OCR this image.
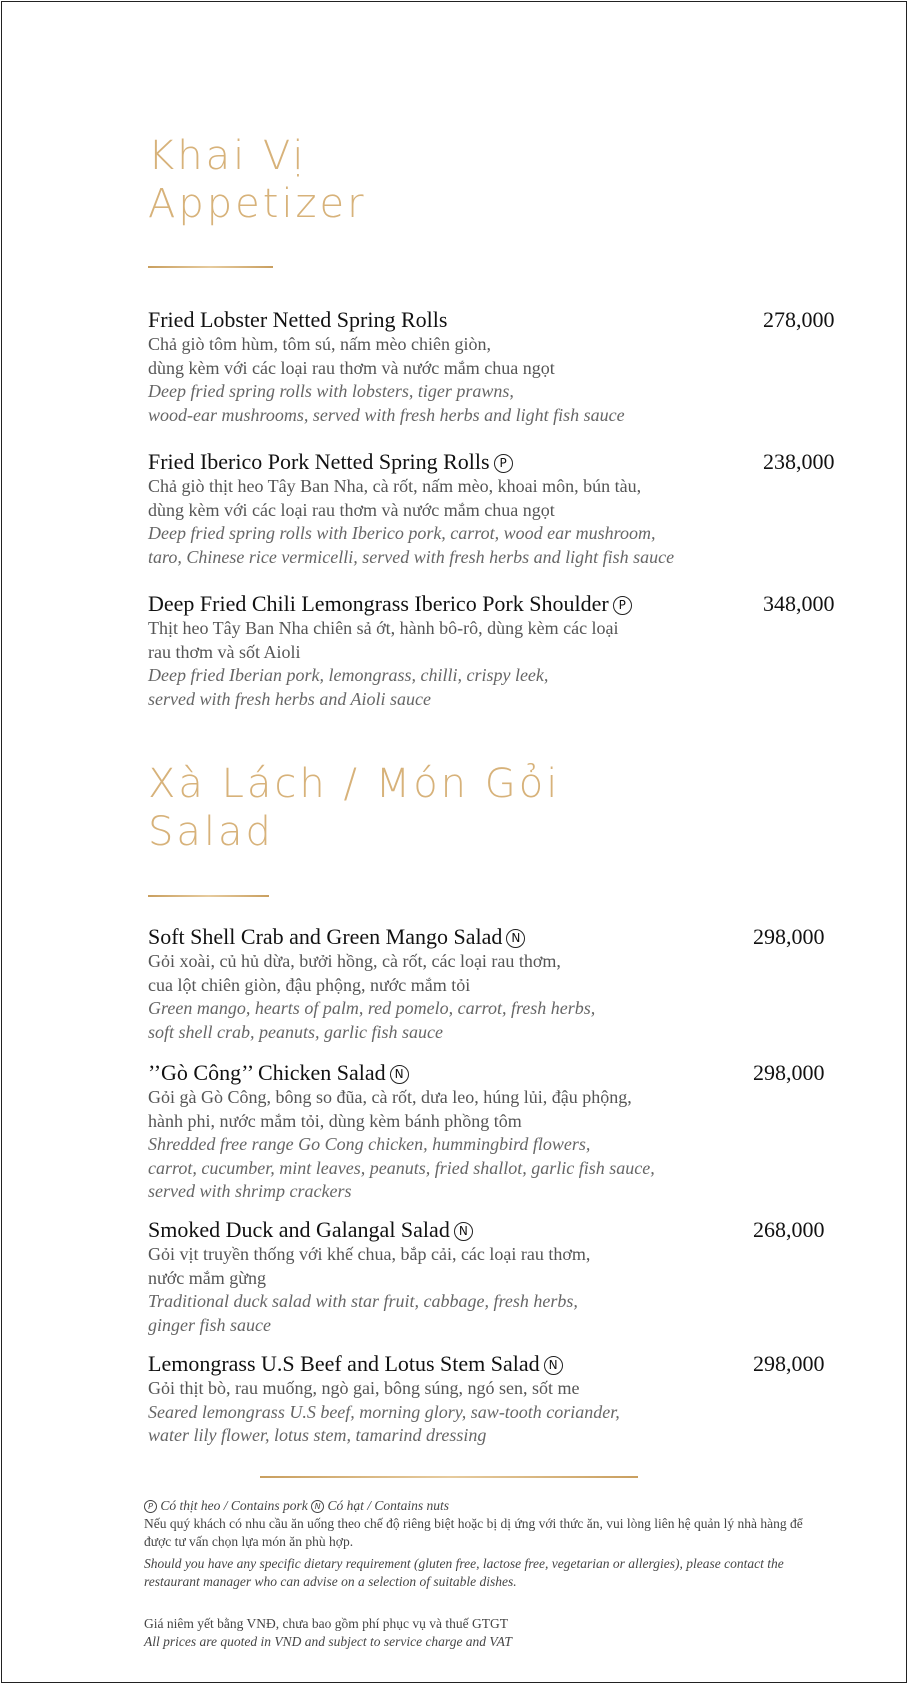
Khai Vị
Appetizer
Fried Lobster Netted Spring Rolls	278,000
Chả giò tôm hùm, tôm sú, nấm mèo chiên giòn,
dùng kèm với các loại rau thơm và nước mắm chua ngọt
Deep fried spring rolls with lobsters, tiger prawns,
wood-ear mushrooms, served with fresh herbs and light fish sauce
Fried Iberico Pork Netted Spring Rolls P	238,000
Chả giò thịt heo Tây Ban Nha, cà rốt, nấm mèo, khoai môn, bún tàu,
dùng kèm với các loại rau thơm và nước mắm chua ngọt
Deep fried spring rolls with Iberico pork, carrot, wood ear mushroom,
taro, Chinese rice vermicelli, served with fresh herbs and light fish sauce
Deep Fried Chili Lemongrass Iberico Pork Shoulder P	348,000
Thịt heo Tây Ban Nha chiên sả ớt, hành bô-rô, dùng kèm các loại
rau thơm và sốt Aioli
Deep fried Iberian pork, lemongrass, chilli, crispy leek,
served with fresh herbs and Aioli sauce
Xà Lách / Món Gỏi
Salad
Soft Shell Crab and Green Mango Salad N	298,000
Gỏi xoài, củ hủ dừa, bưởi hồng, cà rốt, các loại rau thơm,
cua lột chiên giòn, đậu phộng, nước mắm tỏi
Green mango, hearts of palm, red pomelo, carrot, fresh herbs,
soft shell crab, peanuts, garlic fish sauce
’’Gò Công’’ Chicken Salad N	298,000
Gỏi gà Gò Công, bông so đũa, cà rốt, dưa leo, húng lủi, đậu phộng,
hành phi, nước mắm tỏi, dùng kèm bánh phồng tôm
Shredded free range Go Cong chicken, hummingbird flowers,
carrot, cucumber, mint leaves, peanuts, fried shallot, garlic fish sauce,
served with shrimp crackers
Smoked Duck and Galangal Salad N	268,000
Gỏi vịt truyền thống với khế chua, bắp cải, các loại rau thơm,
nước mắm gừng
Traditional duck salad with star fruit, cabbage, fresh herbs,
ginger fish sauce
Lemongrass U.S Beef and Lotus Stem Salad N	298,000
Gỏi thịt bò, rau muống, ngò gai, bông súng, ngó sen, sốt me
Seared lemongrass U.S beef, morning glory, saw-tooth coriander,
water lily flower, lotus stem, tamarind dressing

P Có thịt heo / Contains pork N Có hạt / Contains nuts

Nếu quý khách có nhu cầu ăn uống theo chế độ riêng biệt hoặc bị dị ứng với thức ăn, vui lòng liên hệ quản lý nhà hàng để được tư vấn chọn lựa món ăn phù hợp.

Should you have any specific dietary requirement (gluten free, lactose free, vegetarian or allergies), please contact the restaurant manager who can advise on a selection of suitable dishes.

Giá niêm yết bằng VNĐ, chưa bao gồm phí phục vụ và thuế GTGT

All prices are quoted in VND and subject to service charge and VAT
